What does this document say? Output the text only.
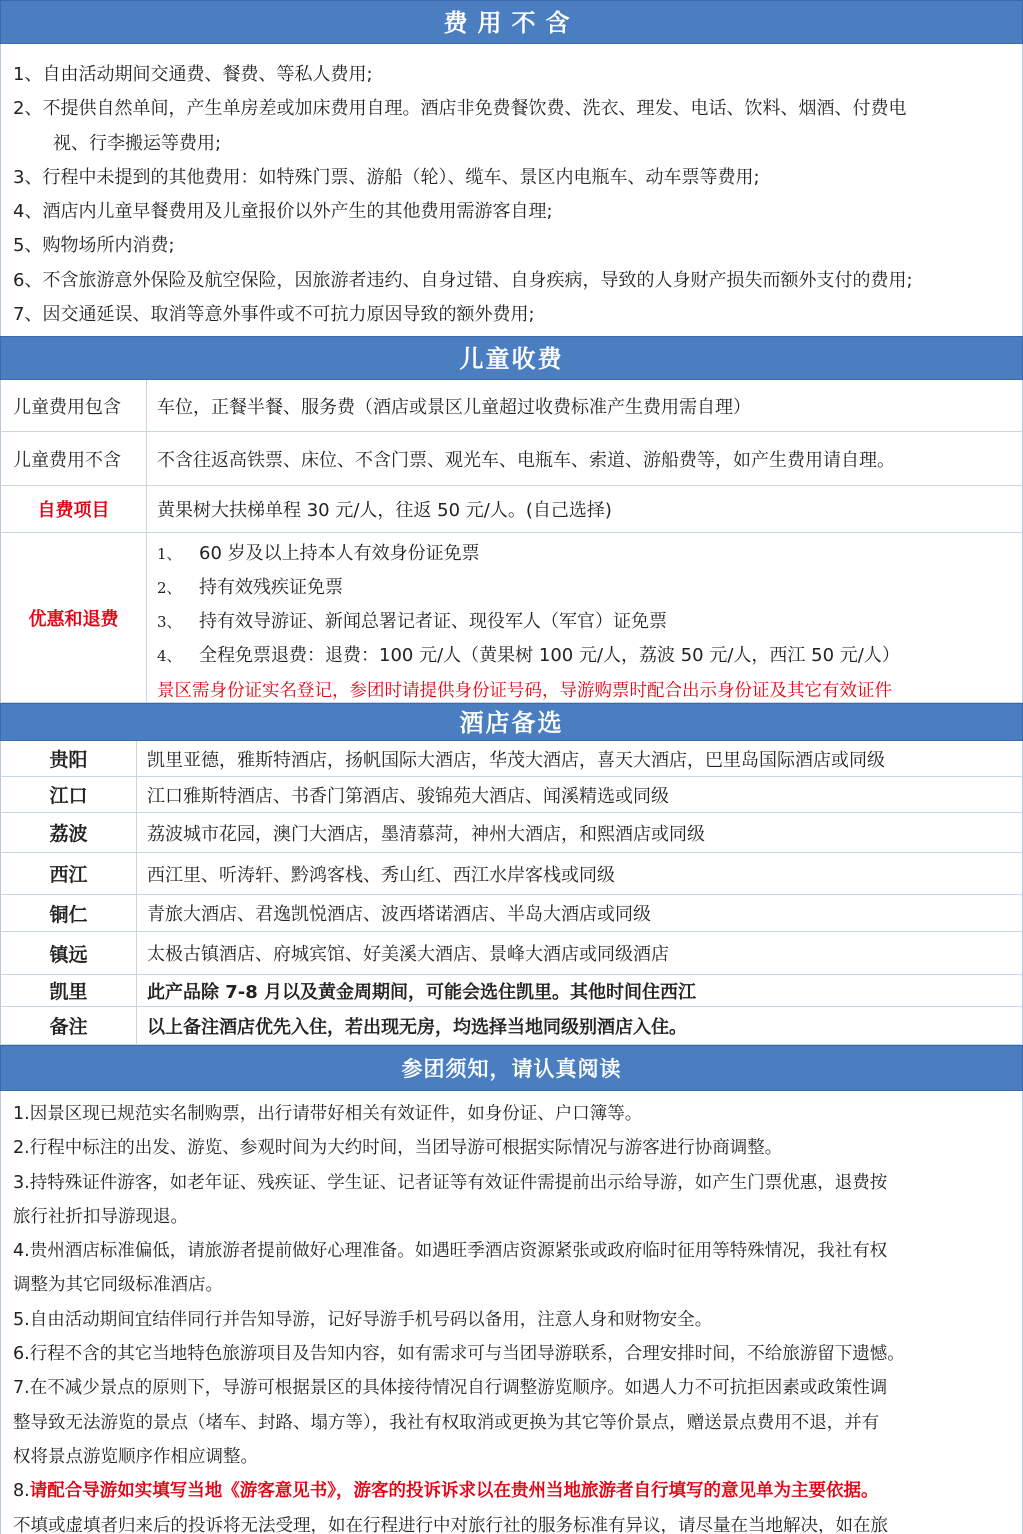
费用不含
1、自由活动期间交通费、餐费、等私人费用;
2、不提供自然单间，产生单房差或加床费用自理。酒店非免费餐饮费、洗衣、理发、电话、饮料、烟酒、付费电
视、行李搬运等费用;
3、行程中未提到的其他费用：如特殊门票、游船（轮）、缆车、景区内电瓶车、动车票等费用;
4、酒店内儿童早餐费用及儿童报价以外产生的其他费用需游客自理;
5、购物场所内消费;
6、不含旅游意外保险及航空保险，因旅游者违约、自身过错、自身疾病，导致的人身财产损失而额外支付的费用;
7、因交通延误、取消等意外事件或不可抗力原因导致的额外费用;
儿童收费
儿童费用包含	车位，正餐半餐、服务费（酒店或景区儿童超过收费标准产生费用需自理）
儿童费用不含	不含往返高铁票、床位、不含门票、观光车、电瓶车、索道、游船费等，如产生费用请自理。
自费项目	黄果树大扶梯单程 30 元/人，往返 50 元/人。(自己选择)
优惠和退费
1、 60 岁及以上持本人有效身份证免票
2、 持有效残疾证免票
3、 持有效导游证、新闻总署记者证、现役军人（军官）证免票
4、 全程免票退费：退费：100 元/人（黄果树 100 元/人，荔波 50 元/人，西江 50 元/人）
景区需身份证实名登记，参团时请提供身份证号码，导游购票时配合出示身份证及其它有效证件
酒店备选
贵阳	凯里亚德，雅斯特酒店，扬帆国际大酒店，华茂大酒店，喜天大酒店，巴里岛国际酒店或同级
江口	江口雅斯特酒店、书香门第酒店、骏锦苑大酒店、闻溪精选或同级
荔波	荔波城市花园，澳门大酒店，墨清慕菏，神州大酒店，和熙酒店或同级
西江	西江里、听涛轩、黔鸿客栈、秀山红、西江水岸客栈或同级
铜仁	青旅大酒店、君逸凯悦酒店、波西塔诺酒店、半岛大酒店或同级
镇远	太极古镇酒店、府城宾馆、好美溪大酒店、景峰大酒店或同级酒店
凯里	此产品除 7-8 月以及黄金周期间，可能会选住凯里。其他时间住西江
备注	以上备注酒店优先入住，若出现无房，均选择当地同级别酒店入住。
参团须知，请认真阅读
1.因景区现已规范实名制购票，出行请带好相关有效证件，如身份证、户口簿等。
2.行程中标注的出发、游览、参观时间为大约时间，当团导游可根据实际情况与游客进行协商调整。
3.持特殊证件游客，如老年证、残疾证、学生证、记者证等有效证件需提前出示给导游，如产生门票优惠，退费按
旅行社折扣导游现退。
4.贵州酒店标准偏低，请旅游者提前做好心理准备。如遇旺季酒店资源紧张或政府临时征用等特殊情况，我社有权
调整为其它同级标准酒店。
5.自由活动期间宜结伴同行并告知导游，记好导游手机号码以备用，注意人身和财物安全。
6.行程不含的其它当地特色旅游项目及告知内容，如有需求可与当团导游联系，合理安排时间，不给旅游留下遗憾。
7.在不减少景点的原则下，导游可根据景区的具体接待情况自行调整游览顺序。如遇人力不可抗拒因素或政策性调
整导致无法游览的景点（堵车、封路、塌方等），我社有权取消或更换为其它等价景点，赠送景点费用不退，并有
权将景点游览顺序作相应调整。
8.请配合导游如实填写当地《游客意见书》，游客的投诉诉求以在贵州当地旅游者自行填写的意见单为主要依据。
不填或虚填者归来后的投诉将无法受理，如在行程进行中对旅行社的服务标准有异议，请尽量在当地解决，如在旅
